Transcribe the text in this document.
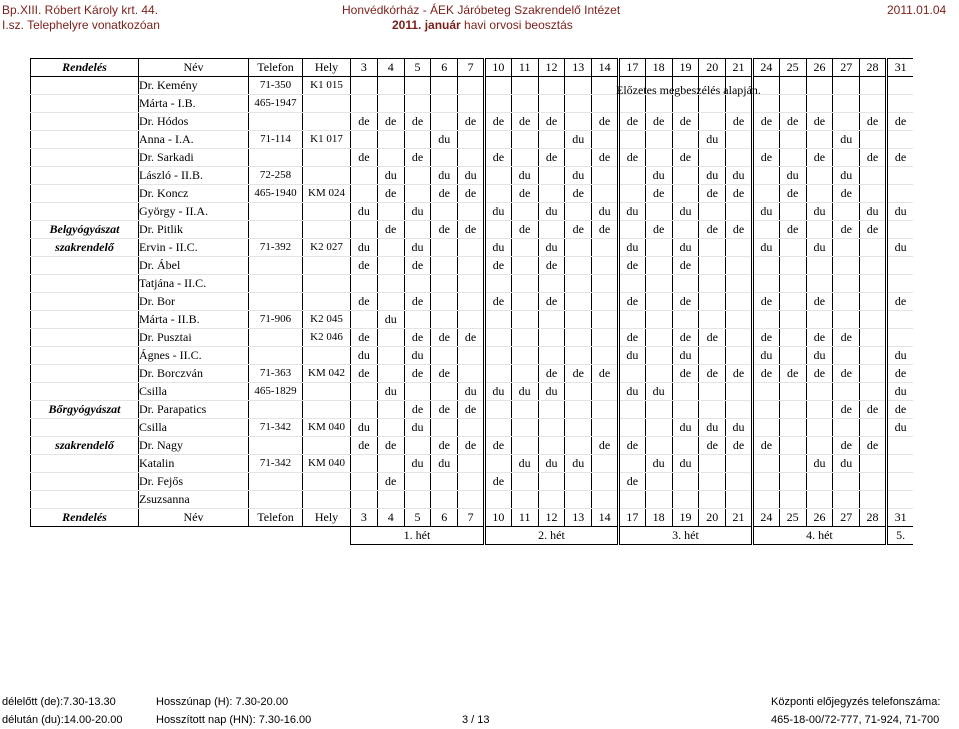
Bp.XIII. Róbert Károly krt. 44.
I.sz. Telephelyre vonatkozóan
Honvédkórház - ÁEK Járóbeteg Szakrendelő Intézet
2011. január havi orvosi beosztás
2011.01.04
Rendelés	Név	Telefon	Hely	3	4	5	6	7	10	11	12	13	14	17	18	19	20	21	24	25	26	27	28	31
	Dr. Kemény	71-350	K1 015																					
	Márta - I.B.	465-1947																						
	Dr. Hódos			de	de	de		de	de	de	de		de	de	de	de		de	de	de	de		de	de
	Anna - I.A.	71-114	K1 017				du					du					du					du		
	Dr. Sarkadi			de		de			de		de		de	de		de			de		de		de	de
	László - II.B.	72-258			du		du	du		du		du			du		du	du		du		du		
	Dr. Koncz	465-1940	KM 024		de		de	de		de		de			de		de	de		de		de		
	György - II.A.			du		du			du		du		du	du		du			du		du		du	du
Belgyógyászat	Dr. Pitlik				de		de	de		de		de	de		de		de	de		de		de	de	
szakrendelő	Ervin - II.C.	71-392	K2 027	du		du			du		du			du		du			du		du			du
	Dr. Ábel			de		de			de		de			de		de								
	Tatjána - II.C.																							
	Dr. Bor			de		de			de		de			de		de			de		de			de
	Márta - II.B.	71-906	K2 045		du																			
	Dr. Pusztai		K2 046	de		de	de	de						de		de	de		de		de	de		
	Ágnes - II.C.			du		du								du		du			du		du			du
	Dr. Borczván	71-363	KM 042	de		de	de				de	de	de			de	de	de	de	de	de	de		de
	Csilla	465-1829			du			du	du	du	du			du	du									du
Bőrgyógyászat	Dr. Parapatics					de	de	de														de	de	de
	Csilla	71-342	KM 040	du		du										du	du	du						du
szakrendelő	Dr. Nagy			de	de		de	de	de				de	de			de	de	de			de	de	
	Katalin	71-342	KM 040			du	du			du	du	du			du	du					du	du		
	Dr. Fejős				de				de					de										
	Zsuzsanna																							
Rendelés	Név	Telefon	Hely	3	4	5	6	7	10	11	12	13	14	17	18	19	20	21	24	25	26	27	28	31
				1. hét					2. hét					3. hét					4. hét					5.
Előzetes megbeszélés alapján.
délelőtt (de):7.30-13.30
délután (du):14.00-20.00
Hosszúnap (H): 7.30-20.00
Hosszított nap (HN): 7.30-16.00	3 / 13
Központi előjegyzés telefonszáma:
465-18-00/72-777, 71-924, 71-700
